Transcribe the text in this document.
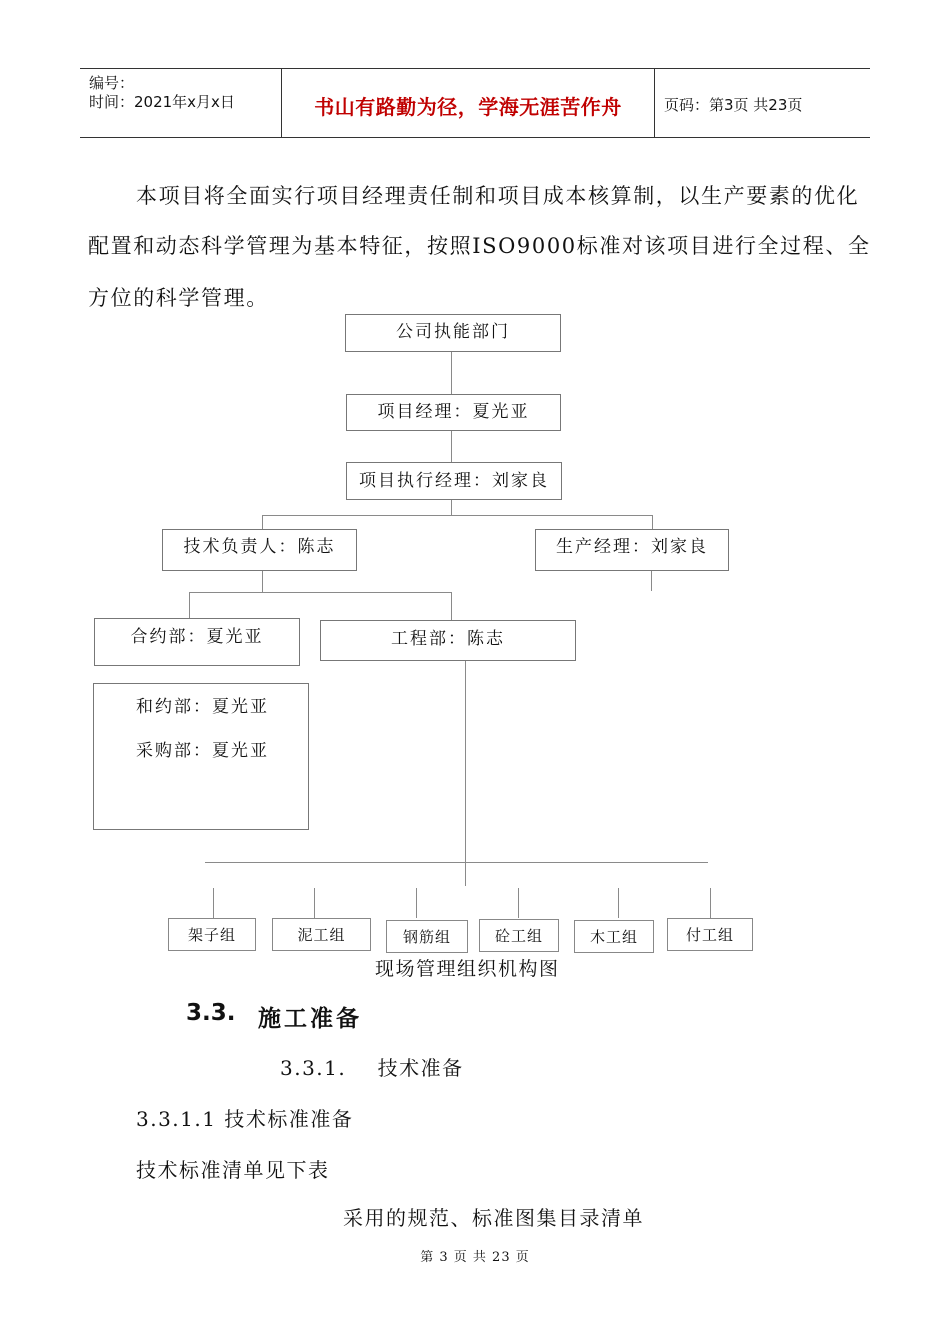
编号：
时间：2021年x月x日	书山有路勤为径，学海无涯苦作舟	页码：第3页 共23页
本项目将全面实行项目经理责任制和项目成本核算制，以生产要素的优化
配置和动态科学管理为基本特征，按照ISO9000标准对该项目进行全过程、全
方位的科学管理。
公司执能部门
项目经理：夏光亚
项目执行经理：刘家良
技术负责人：陈志	生产经理：刘家良
合约部：夏光亚	工程部：陈志
和约部：夏光亚
采购部：夏光亚
架子组	泥工组	钢筋组	砼工组	木工组	付工组
现场管理组织机构图
3.3. 施工准备
3.3.1.    技术准备
3.3.1.1 技术标准准备
技术标准清单见下表
采用的规范、标准图集目录清单
第 3 页 共 23 页
